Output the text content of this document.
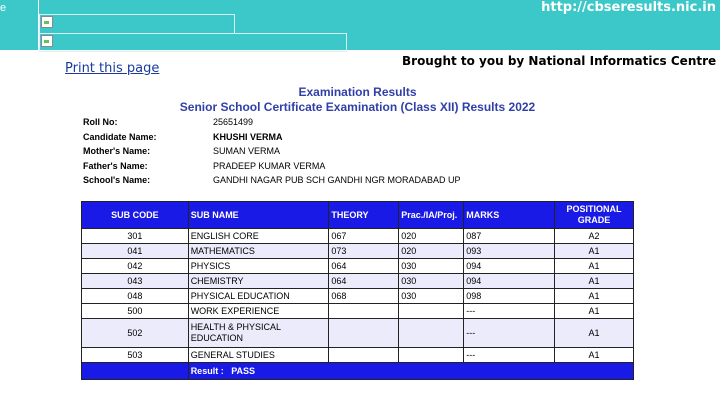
e	http://cbseresults.nic.in
Print this page	Brought to you by National Informatics Centre
Examination Results
Senior School Certificate Examination (Class XII) Results 2022
Roll No:	25651499
Candidate Name:	KHUSHI VERMA
Mother's Name:	SUMAN VERMA
Father's Name:	PRADEEP KUMAR VERMA
School's Name:	GANDHI NAGAR PUB SCH GANDHI NGR MORADABAD UP
SUB CODE	SUB NAME	THEORY	Prac./IA/Proj.	MARKS	POSITIONAL
GRADE
301	ENGLISH CORE	067	020	087	A2
041	MATHEMATICS	073	020	093	A1
042	PHYSICS	064	030	094	A1
043	CHEMISTRY	064	030	094	A1
048	PHYSICAL EDUCATION	068	030	098	A1
500	WORK EXPERIENCE			---	A1
502	HEALTH & PHYSICAL EDUCATION			---	A1
503	GENERAL STUDIES			---	A1
	Result : PASS				
